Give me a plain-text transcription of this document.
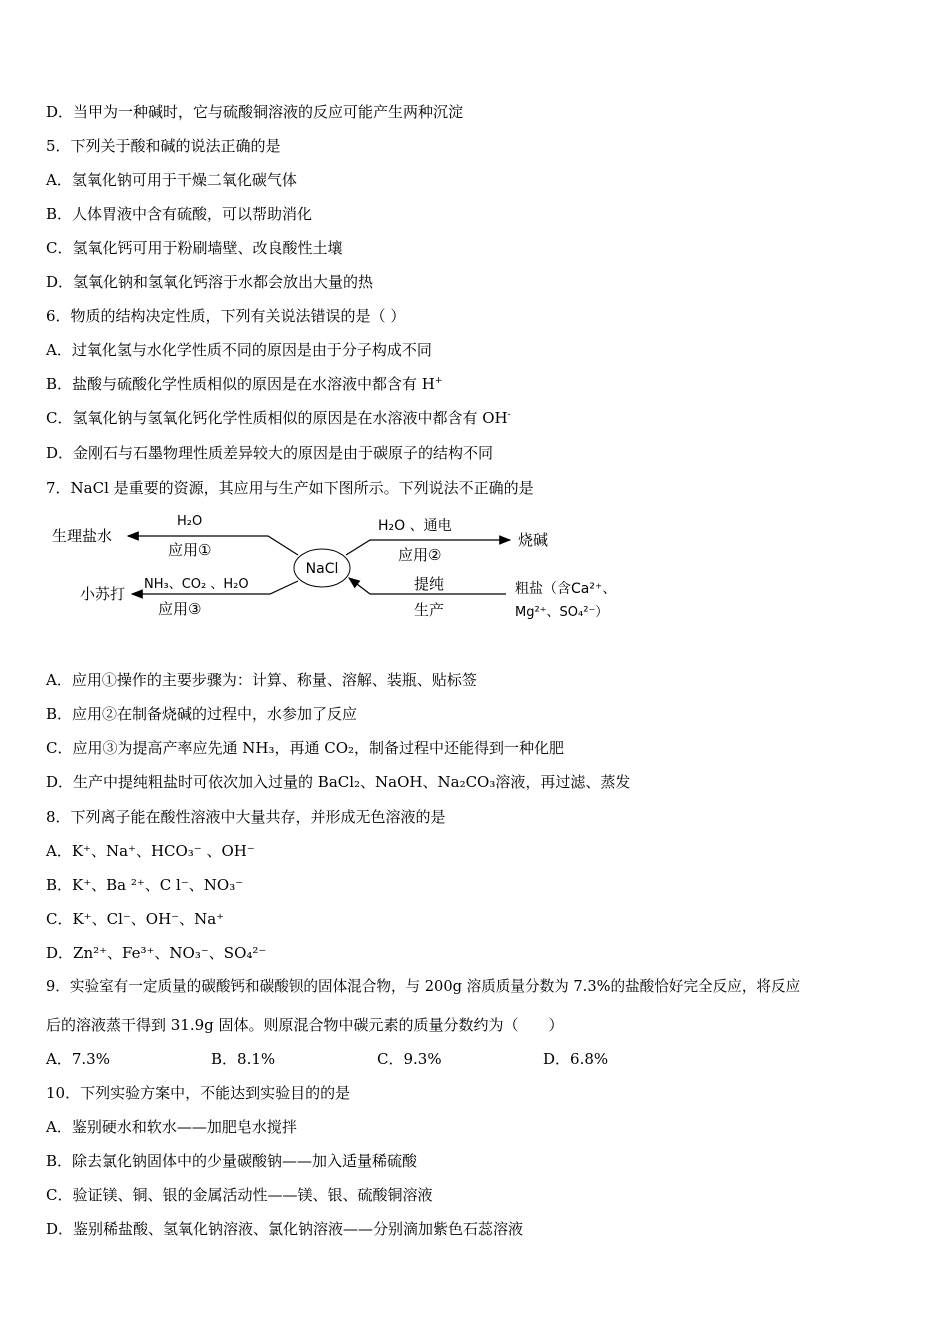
D．当甲为一种碱时，它与硫酸铜溶液的反应可能产生两种沉淀
5．下列关于酸和碱的说法正确的是
A．氢氧化钠可用于干燥二氧化碳气体
B．人体胃液中含有硫酸，可以帮助消化
C．氢氧化钙可用于粉刷墙壁、改良酸性土壤
D．氢氧化钠和氢氧化钙溶于水都会放出大量的热
6．物质的结构决定性质，下列有关说法错误的是（ ）
A．过氧化氢与水化学性质不同的原因是由于分子构成不同
B．盐酸与硫酸化学性质相似的原因是在水溶液中都含有 H+
C．氢氧化钠与氢氧化钙化学性质相似的原因是在水溶液中都含有 OH-
D．金刚石与石墨物理性质差异较大的原因是由于碳原子的结构不同
7．NaCl 是重要的资源，其应用与生产如下图所示。下列说法不正确的是
NaCl
生理盐水
H₂O
应用①
小苏打
NH₃、CO₂ 、H₂O
应用③
H₂O 、通电
应用②
烧碱
提纯
生产
粗盐（含Ca²⁺、
Mg²⁺、SO₄²⁻）
A．应用①操作的主要步骤为：计算、称量、溶解、装瓶、贴标签
B．应用②在制备烧碱的过程中，水参加了反应
C．应用③为提高产率应先通 NH₃，再通 CO₂，制备过程中还能得到一种化肥
D．生产中提纯粗盐时可依次加入过量的 BaCl₂、NaOH、Na₂CO₃溶液，再过滤、蒸发
8．下列离子能在酸性溶液中大量共存，并形成无色溶液的是
A．K⁺、Na⁺、HCO₃⁻ 、OH⁻
B．K⁺、Ba ²⁺、C l⁻、NO₃⁻
C．K⁺、Cl⁻、OH⁻、Na⁺
D．Zn²⁺、Fe³⁺、NO₃⁻、SO₄²⁻
9．实验室有一定质量的碳酸钙和碳酸钡的固体混合物，与 200g 溶质质量分数为 7.3%的盐酸恰好完全反应，将反应
后的溶液蒸干得到 31.9g 固体。则原混合物中碳元素的质量分数约为（　　）
A．7.3%	B．8.1%	C．9.3%	D．6.8%
10．下列实验方案中，不能达到实验目的的是
A．鉴别硬水和软水——加肥皂水搅拌
B．除去氯化钠固体中的少量碳酸钠——加入适量稀硫酸
C．验证镁、铜、银的金属活动性——镁、银、硫酸铜溶液
D．鉴别稀盐酸、氢氧化钠溶液、氯化钠溶液——分别滴加紫色石蕊溶液
